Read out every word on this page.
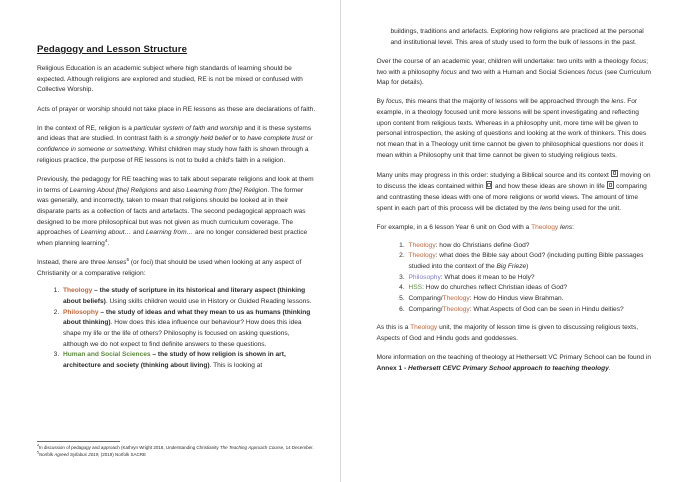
Pedagogy and Lesson Structure

Religious Education is an academic subject where high standards of learning should be expected. Although religions are explored and studied, RE is not be mixed or confused with Collective Worship.

Acts of prayer or worship should not take place in RE lessons as these are declarations of faith.

In the context of RE, religion is a particular system of faith and worship and it is these systems and ideas that are studied. In contrast faith is a strongly held belief or to have complete trust or confidence in someone or something. Whilst children may study how faith is shown through a religious practice, the purpose of RE lessons is not to build a child's faith in a religion.

Previously, the pedagogy for RE teaching was to talk about separate religions and look at them in terms of Learning About [the] Religions and also Learning from [the] Religion. The former was generally, and incorrectly, taken to mean that religions should be looked at in their disparate parts as a collection of facts and artefacts. The second pedagogical approach was designed to be more philosophical but was not given as much curriculum coverage. The approaches of Learning about… and Learning from… are no longer considered best practice when planning learning$^4$.

Instead, there are three lenses$^5$ (or foci) that should be used when looking at any aspect of Christianity or a comparative religion:

1. Theology – the study of scripture in its historical and literary aspect (thinking about beliefs). Using skills children would use in History or Guided Reading lessons.
2. Philosophy – the study of ideas and what they mean to us as humans (thinking about thinking). How does this idea influence our behaviour? How does this idea shape my life or the life of others? Philosophy is focused on asking questions, although we do not expect to find definite answers to these questions.
3. Human and Social Sciences – the study of how religion is shown in art, architecture and society (thinking about living). This is looking at

$^4$In discussion of pedagogy and approach (Kathryn Wright 2018, Understanding Christianity The Teaching Approach Course, 14 December.

$^5$Norfolk Agreed Syllabus 2019, (2019) Norfolk SACRE

buildings, traditions and artefacts. Exploring how religions are practiced at the personal and institutional level. This area of study used to form the bulk of lessons in the past.

Over the course of an academic year, children will undertake: two units with a theology focus; two with a philosophy focus and two with a Human and Social Sciences focus (see Curriculum Map for details).

By focus, this means that the majority of lessons will be approached through the lens. For example, in a theology focused unit more lessons will be spent investigating and reflecting upon content from religious texts. Whereas in a philosophy unit, more time will be given to personal introspection, the asking of questions and looking at the work of thinkers. This does not mean that in a Theology unit time cannot be given to philosophical questions nor does it mean within a Philosophy unit that time cannot be given to studying religious texts.

Many units may progress in this order: studying a Biblical source and its context moving on to discuss the ideas contained within and how these ideas are shown in life comparing and contrasting these ideas with one of more religions or world views. The amount of time spent in each part of this process will be dictated by the lens being used for the unit.

For example, in a 6 lesson Year 6 unit on God with a Theology lens:

1. Theology: how do Christians define God?
2. Theology: what does the Bible say about God? (including putting Bible passages studied into the context of the Big Frieze)
3. Philosophy: What does it mean to be Holy?
4. HSS: How do churches reflect Christian ideas of God?
5. Comparing/Theology: How do Hindus view Brahman.
6. Comparing/Theology: What Aspects of God can be seen in Hindu deities?

As this is a Theology unit, the majority of lesson time is given to discussing religious texts, Aspects of God and Hindu gods and goddesses.

More information on the teaching of theology at Hethersett VC Primary School can be found in Annex 1 - Hethersett CEVC Primary School approach to teaching theology.
